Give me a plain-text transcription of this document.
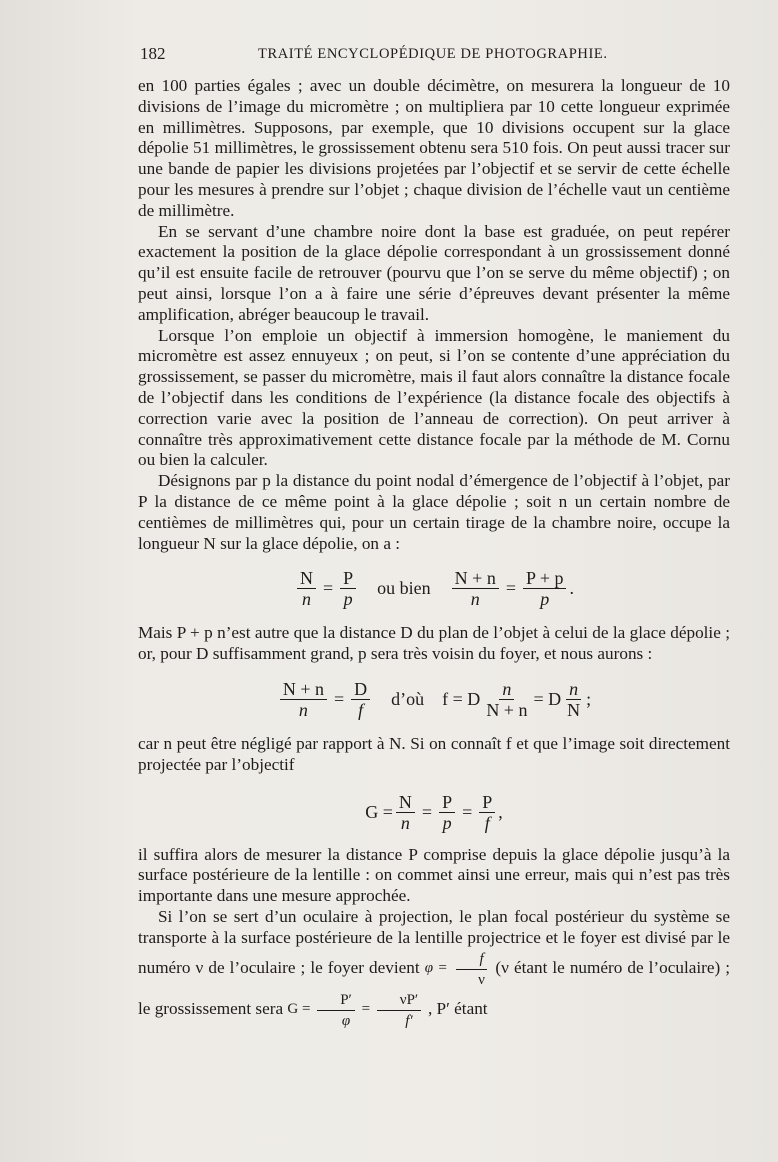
182	TRAITÉ ENCYCLOPÉDIQUE DE PHOTOGRAPHIE.

en 100 parties égales ; avec un double décimètre, on mesurera la longueur de 10 divisions de l’image du micromètre ; on multipliera par 10 cette longueur exprimée en millimètres. Supposons, par exemple, que 10 divisions occupent sur la glace dépolie 51 millimètres, le grossissement obtenu sera 510 fois. On peut aussi tracer sur une bande de papier les divisions projetées par l’objectif et se servir de cette échelle pour les mesures à prendre sur l’objet ; chaque division de l’échelle vaut un centième de millimètre.

En se servant d’une chambre noire dont la base est graduée, on peut repérer exactement la position de la glace dépolie correspondant à un grossissement donné qu’il est ensuite facile de retrouver (pourvu que l’on se serve du même objectif) ; on peut ainsi, lorsque l’on a à faire une série d’épreuves devant présenter la même amplification, abréger beaucoup le travail.

Lorsque l’on emploie un objectif à immersion homogène, le maniement du micromètre est assez ennuyeux ; on peut, si l’on se contente d’une appréciation du grossissement, se passer du micromètre, mais il faut alors connaître la distance focale de l’objectif dans les conditions de l’expérience (la distance focale des objectifs à correction varie avec la position de l’anneau de correction). On peut arriver à connaître très approximativement cette distance focale par la méthode de M. Cornu ou bien la calculer.

Désignons par p la distance du point nodal d’émergence de l’objectif à l’objet, par P la distance de ce même point à la glace dépolie ; soit n un certain nombre de centièmes de millimètres qui, pour un certain tirage de la chambre noire, occupe la longueur N sur la glace dépolie, on a :

$\frac{N}{n} = \frac{P}{p}$ ou bien $\frac{N + n}{n} = \frac{P + p}{p}$ .

Mais P + p n’est autre que la distance D du plan de l’objet à celui de la glace dépolie ; or, pour D suffisamment grand, p sera très voisin du foyer, et nous aurons :

$\frac{N + n}{n} = \frac{D}{f}$ d’où f = D $\frac{n}{N + n} = D \frac{n}{N}$ ;

car n peut être négligé par rapport à N. Si on connaît f et que l’image soit directement projectée par l’objectif

$G = \frac{N}{n} = \frac{P}{p} = \frac{P}{f}$ ,

il suffira alors de mesurer la distance P comprise depuis la glace dépolie jusqu’à la surface postérieure de la lentille : on commet ainsi une erreur, mais qui n’est pas très importante dans une mesure approchée.

Si l’on se sert d’un oculaire à projection, le plan focal postérieur du système se transporte à la surface postérieure de la lentille projectrice et le foyer est divisé par le numéro ν de l’oculaire ; le foyer devient $\varphi = \frac{f}{\nu} (\nu$ étant le numéro de l’oculaire) ; le grossissement sera $G = \frac{P'}{\varphi} = \frac{\nu P'}{f'}$ , P′ étant
